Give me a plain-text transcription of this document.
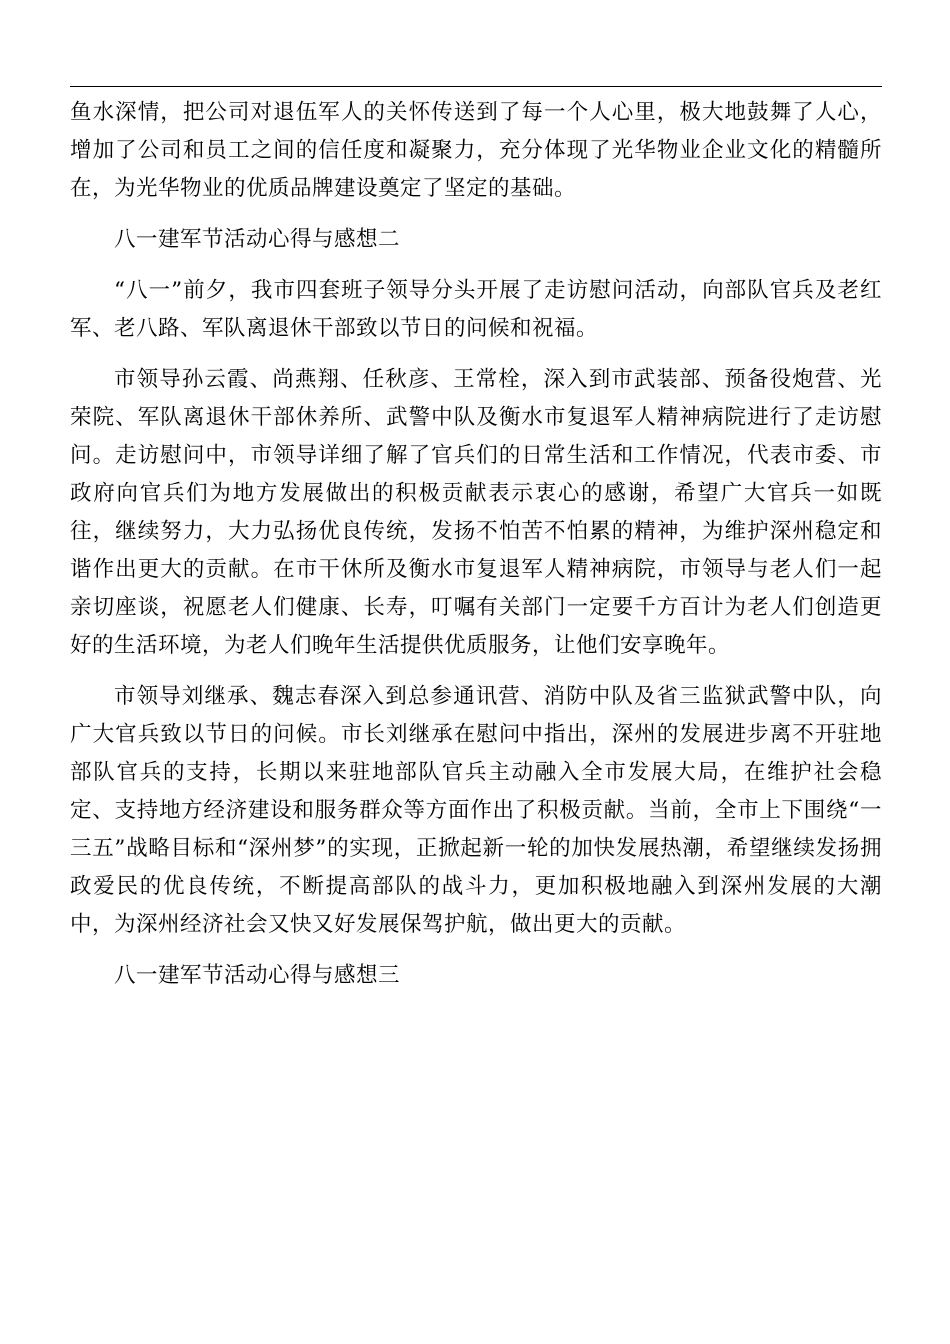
鱼水深情，把公司对退伍军人的关怀传送到了每一个人心里，极大地鼓舞了人心，增加了公司和员工之间的信任度和凝聚力，充分体现了光华物业企业文化的精髓所在，为光华物业的优质品牌建设奠定了坚定的基础。

八一建军节活动心得与感想二

“八一”前夕，我市四套班子领导分头开展了走访慰问活动，向部队官兵及老红军、老八路、军队离退休干部致以节日的问候和祝福。

市领导孙云霞、尚燕翔、任秋彦、王常栓，深入到市武装部、预备役炮营、光荣院、军队离退休干部休养所、武警中队及衡水市复退军人精神病院进行了走访慰问。走访慰问中，市领导详细了解了官兵们的日常生活和工作情况，代表市委、市政府向官兵们为地方发展做出的积极贡献表示衷心的感谢，希望广大官兵一如既往，继续努力，大力弘扬优良传统，发扬不怕苦不怕累的精神，为维护深州稳定和谐作出更大的贡献。在市干休所及衡水市复退军人精神病院，市领导与老人们一起亲切座谈，祝愿老人们健康、长寿，叮嘱有关部门一定要千方百计为老人们创造更好的生活环境，为老人们晚年生活提供优质服务，让他们安享晚年。

市领导刘继承、魏志春深入到总参通讯营、消防中队及省三监狱武警中队，向广大官兵致以节日的问候。市长刘继承在慰问中指出，深州的发展进步离不开驻地部队官兵的支持，长期以来驻地部队官兵主动融入全市发展大局，在维护社会稳定、支持地方经济建设和服务群众等方面作出了积极贡献。当前，全市上下围绕“一三五”战略目标和“深州梦”的实现，正掀起新一轮的加快发展热潮，希望继续发扬拥政爱民的优良传统，不断提高部队的战斗力，更加积极地融入到深州发展的大潮中，为深州经济社会又快又好发展保驾护航，做出更大的贡献。

八一建军节活动心得与感想三
